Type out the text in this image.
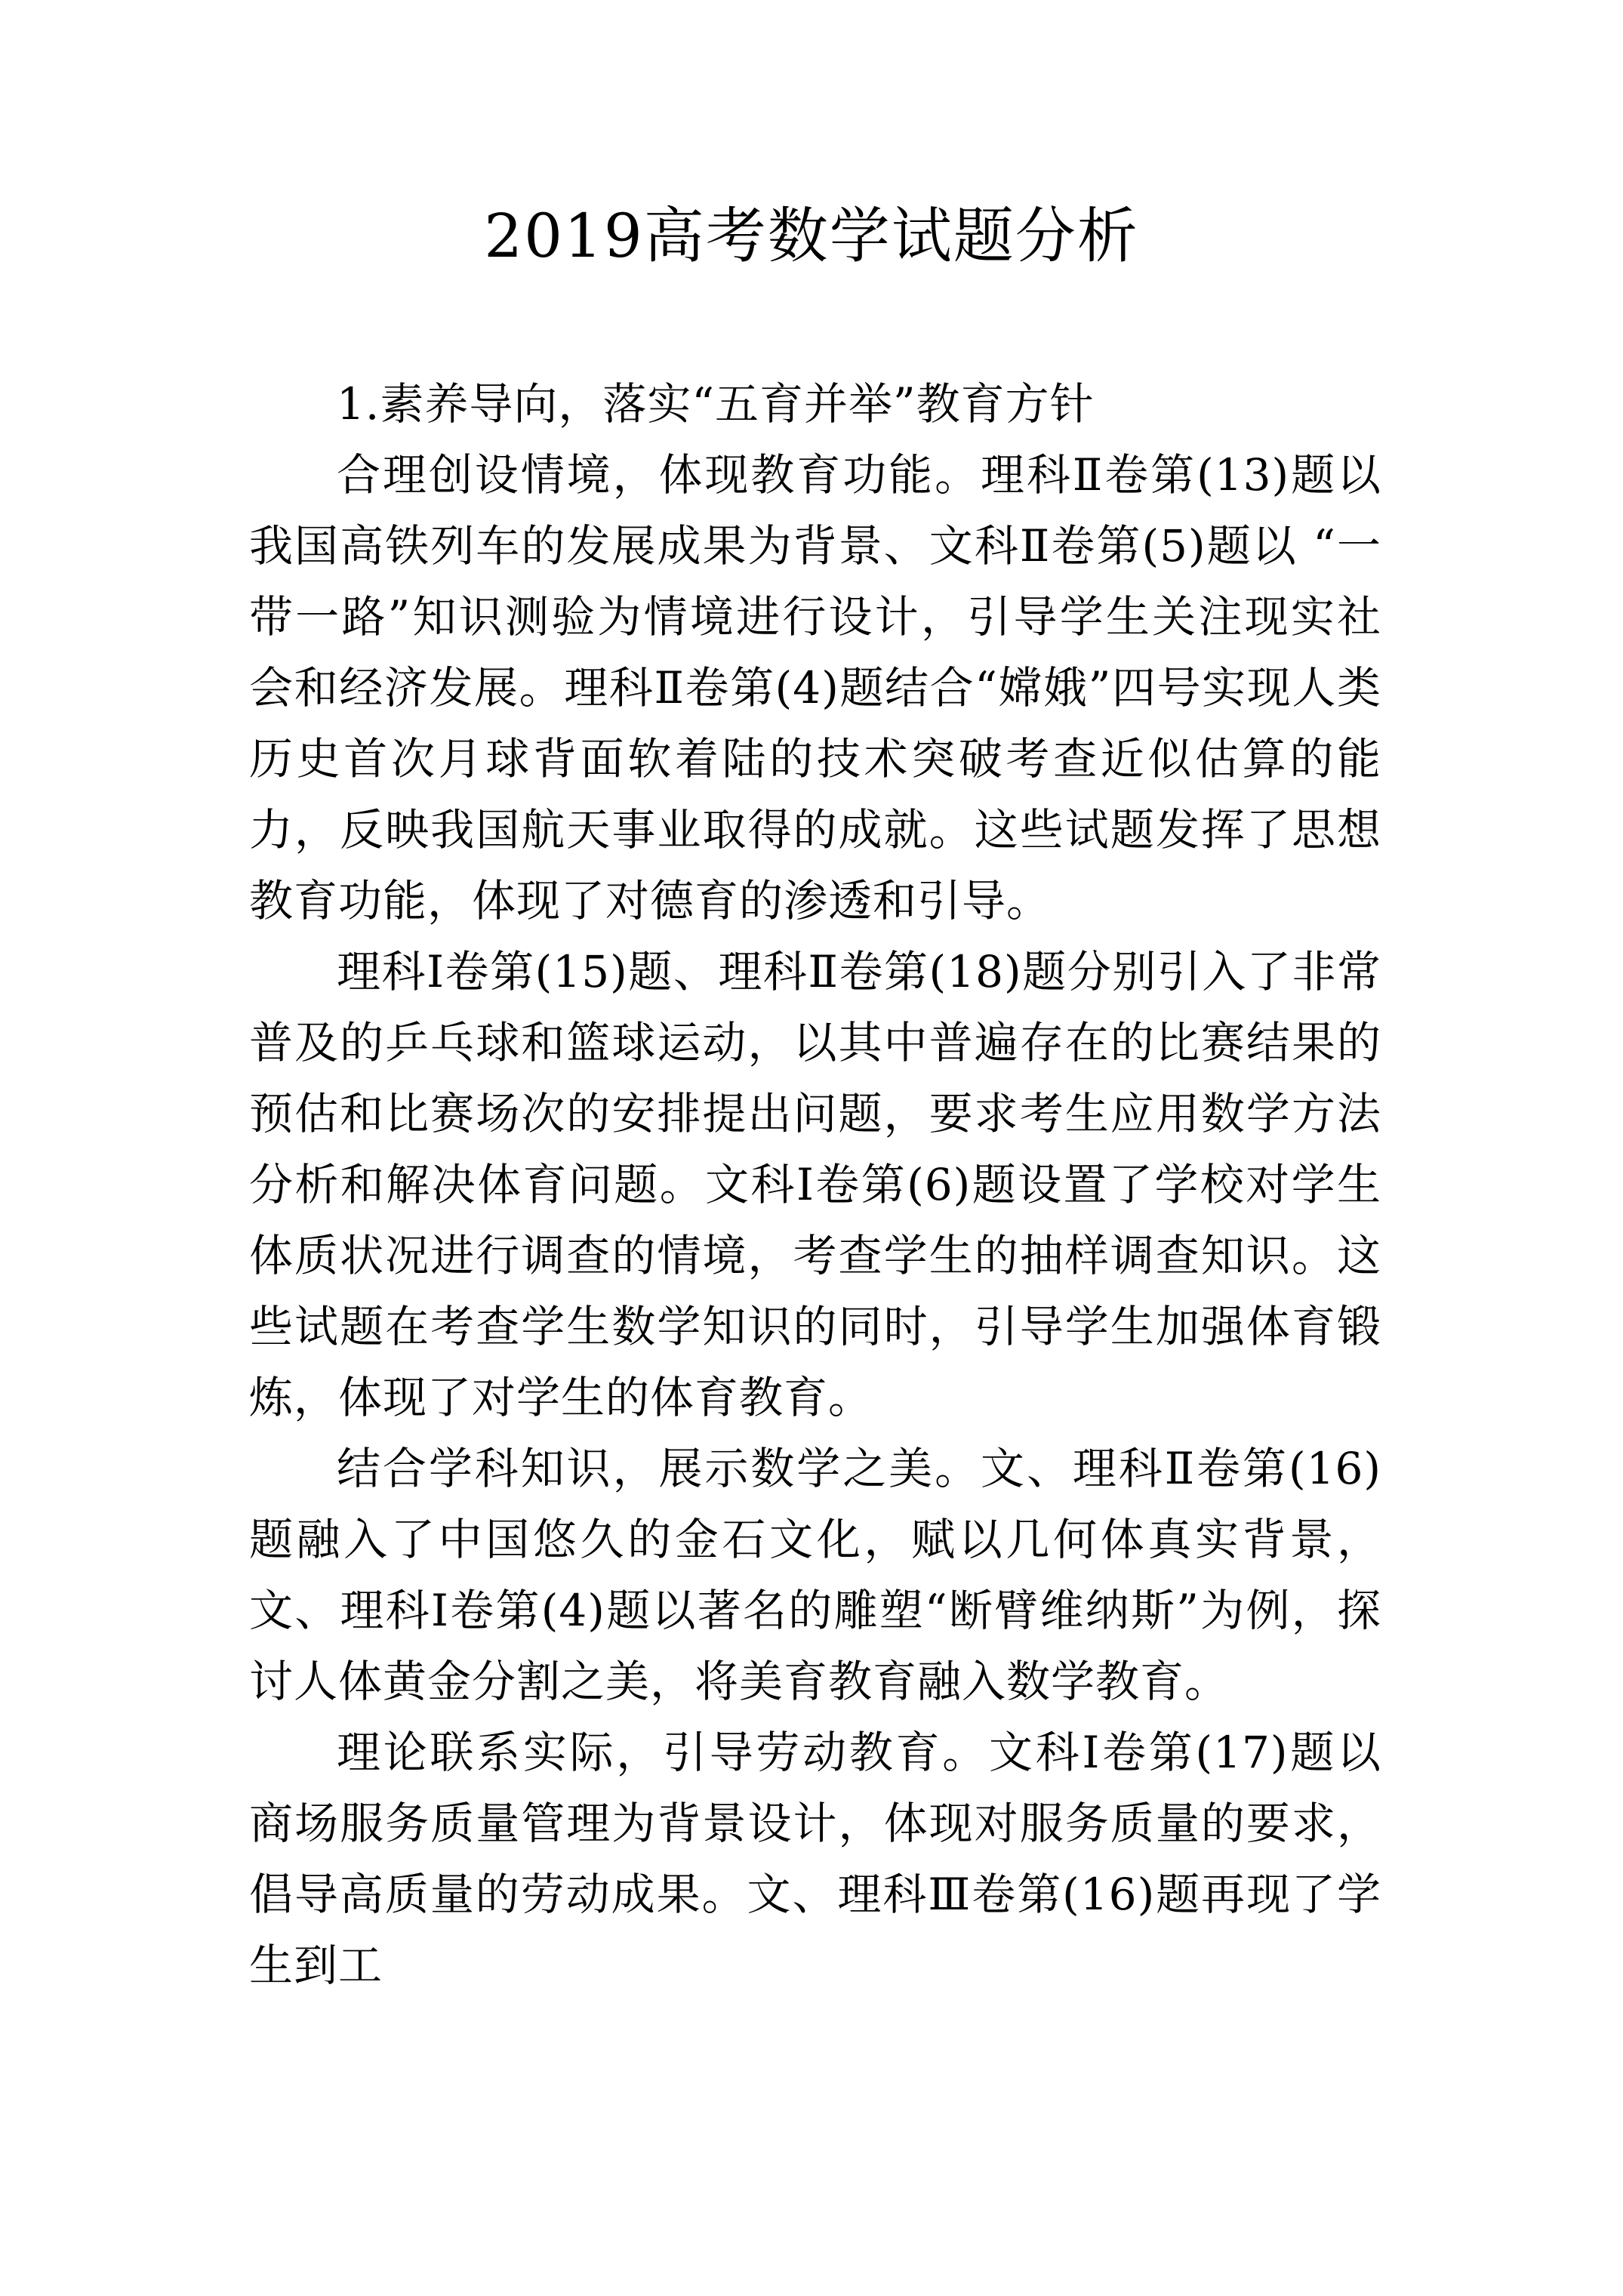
2019高考数学试题分析

1.素养导向，落实“五育并举”教育方针

合理创设情境，体现教育功能。理科Ⅱ卷第(13)题以我国高铁列车的发展成果为背景、文科Ⅱ卷第(5)题以 “一带一路”知识测验为情境进行设计，引导学生关注现实社会和经济发展。理科Ⅱ卷第(4)题结合“嫦娥”四号实现人类历史首次月球背面软着陆的技术突破考查近似估算的能力，反映我国航天事业取得的成就。这些试题发挥了思想教育功能，体现了对德育的渗透和引导。

理科Ⅰ卷第(15)题、理科Ⅱ卷第(18)题分别引入了非常普及的乒乓球和篮球运动，以其中普遍存在的比赛结果的预估和比赛场次的安排提出问题，要求考生应用数学方法分析和解决体育问题。文科Ⅰ卷第(6)题设置了学校对学生体质状况进行调查的情境，考查学生的抽样调查知识。这些试题在考查学生数学知识的同时，引导学生加强体育锻炼，体现了对学生的体育教育。

结合学科知识，展示数学之美。文、理科Ⅱ卷第(16)题融入了中国悠久的金石文化，赋以几何体真实背景，文、理科Ⅰ卷第(4)题以著名的雕塑“断臂维纳斯”为例，探讨人体黄金分割之美，将美育教育融入数学教育。

理论联系实际，引导劳动教育。文科Ⅰ卷第(17)题以商场服务质量管理为背景设计，体现对服务质量的要求，倡导高质量的劳动成果。文、理科Ⅲ卷第(16)题再现了学生到工
